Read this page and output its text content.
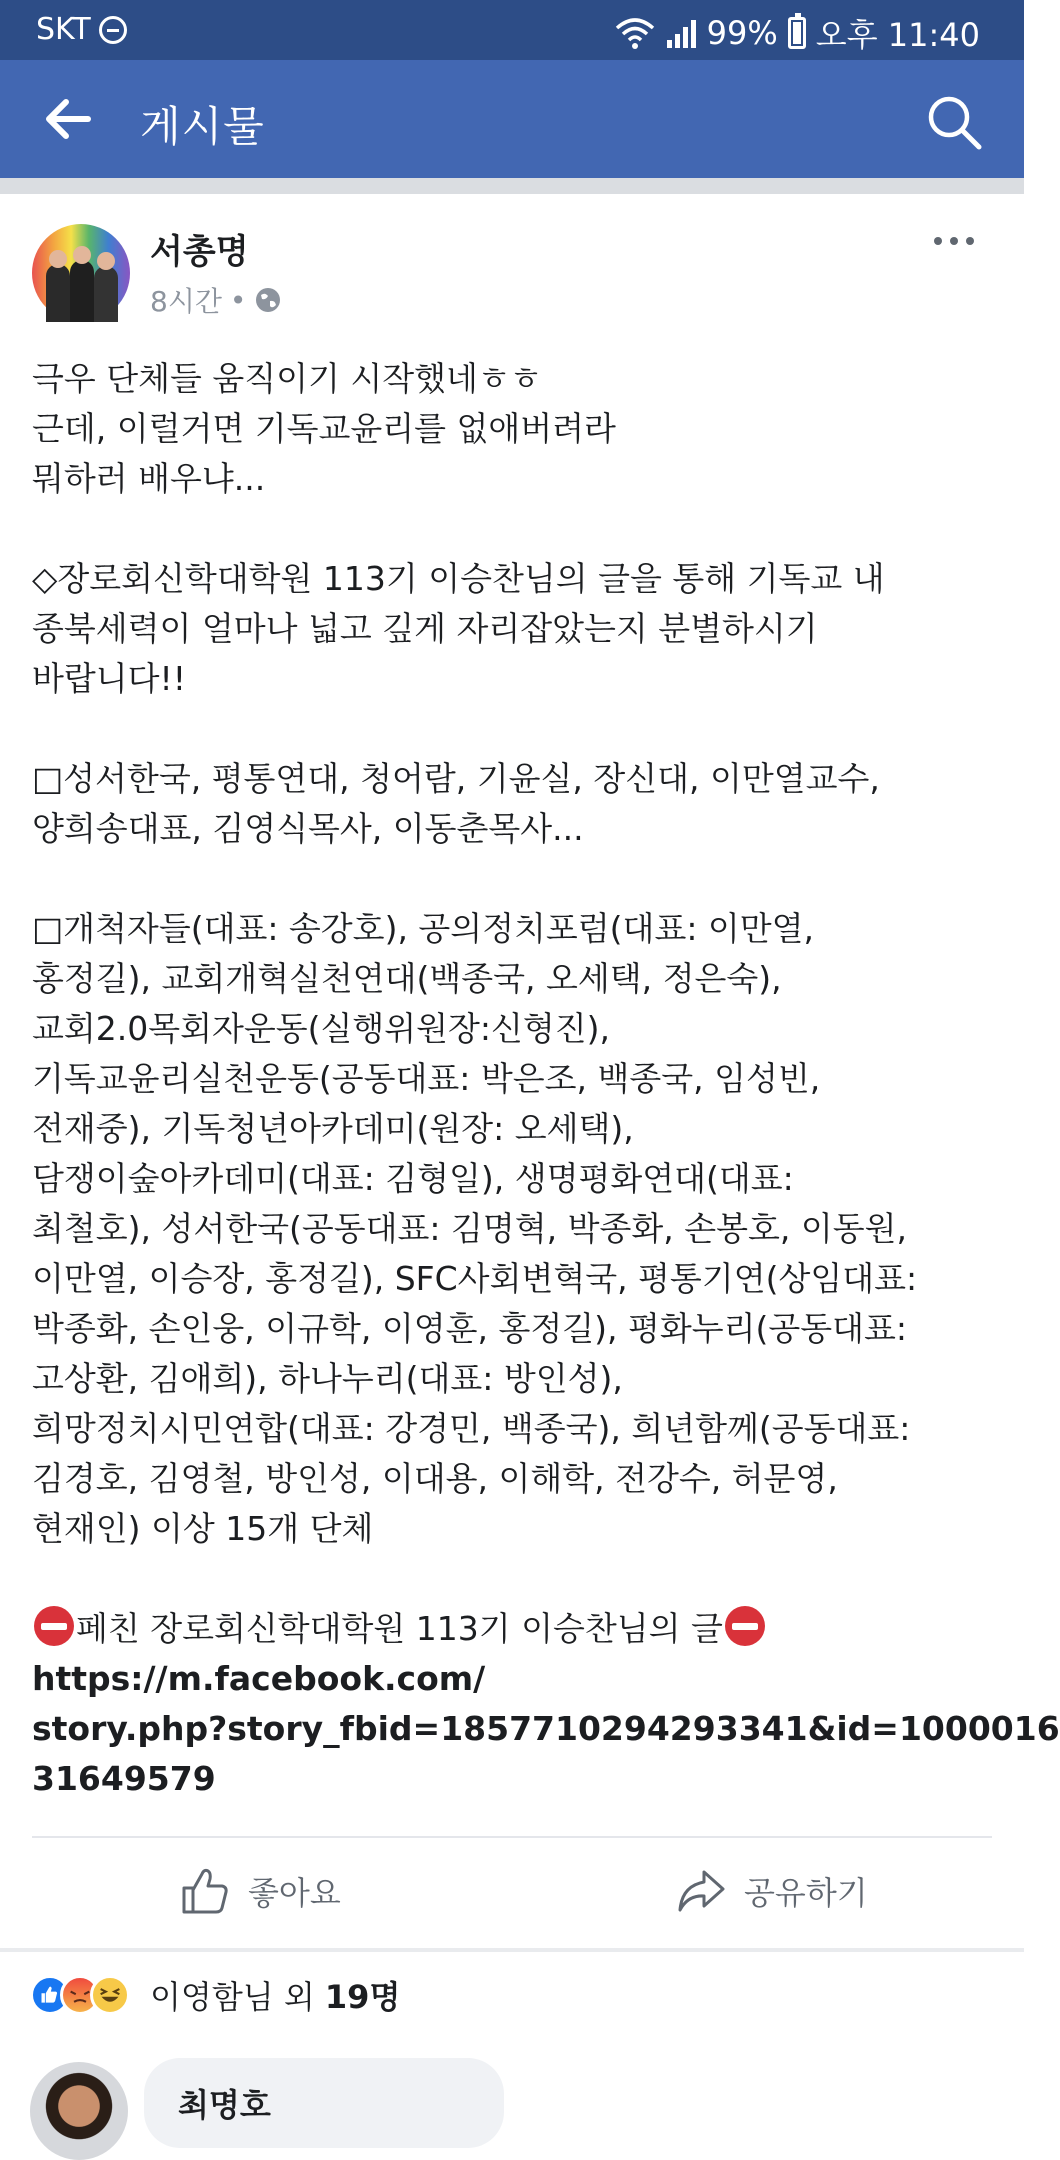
SKT	99% 오후 11:40
게시물
서총명
8시간 •

극우 단체들 움직이기 시작했네ㅎㅎ

근데, 이럴거면 기독교윤리를 없애버려라

뭐하러 배우냐...

◇장로회신학대학원 113기 이승찬님의 글을 통해 기독교 내

종북세력이 얼마나 넓고 깊게 자리잡았는지 분별하시기

바랍니다!!

□성서한국, 평통연대, 청어람, 기윤실, 장신대, 이만열교수,

양희송대표, 김영식목사, 이동춘목사...

□개척자들(대표: 송강호), 공의정치포럼(대표: 이만열,

홍정길), 교회개혁실천연대(백종국, 오세택, 정은숙),

교회2.0목회자운동(실행위원장:신형진),

기독교윤리실천운동(공동대표: 박은조, 백종국, 임성빈,

전재중), 기독청년아카데미(원장: 오세택),

담쟁이숲아카데미(대표: 김형일), 생명평화연대(대표:

최철호), 성서한국(공동대표: 김명혁, 박종화, 손봉호, 이동원,

이만열, 이승장, 홍정길), SFC사회변혁국, 평통기연(상임대표:

박종화, 손인웅, 이규학, 이영훈, 홍정길), 평화누리(공동대표:

고상환, 김애희), 하나누리(대표: 방인성),

희망정치시민연합(대표: 강경민, 백종국), 희년함께(공동대표:

김경호, 김영철, 방인성, 이대용, 이해학, 전강수, 허문영,

현재인) 이상 15개 단체

페친 장로회신학대학원 113기 이승찬님의 글

https://m.facebook.com/

story.php?story_fbid=1857710294293341&id=1000016

31649579

좋아요	공유하기
이영함님 외 19명
최명호
